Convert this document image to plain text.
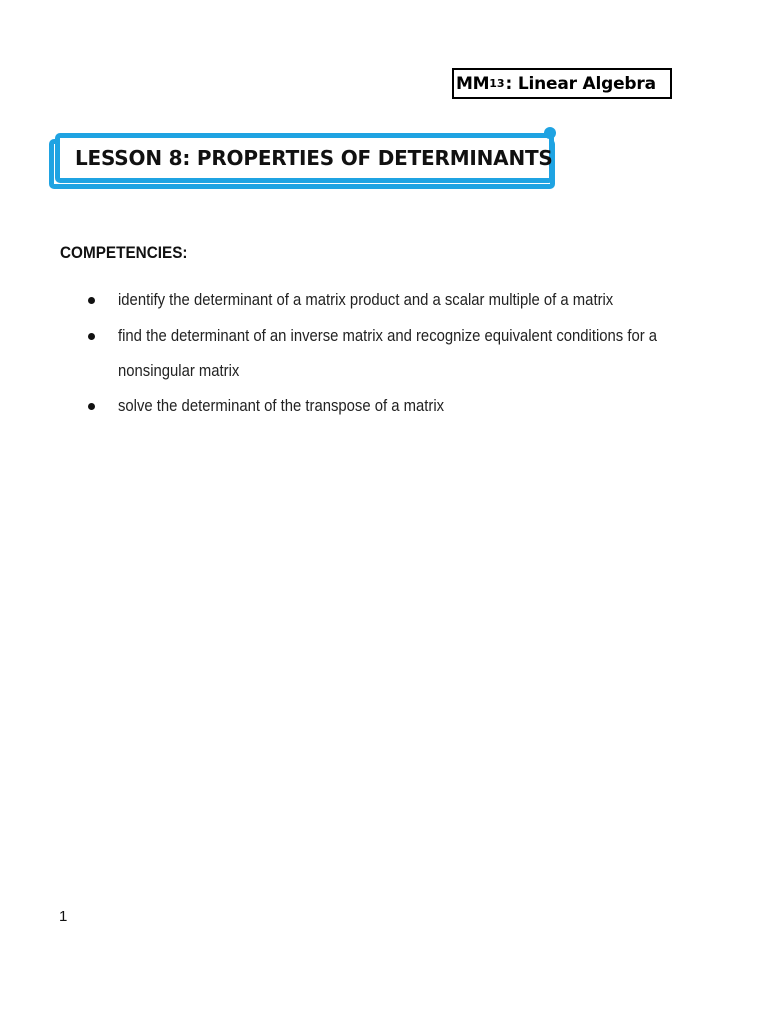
MM 13 : Linear Algebra
LESSON 8: PROPERTIES OF DETERMINANTS
COMPETENCIES:
identify the determinant of a matrix product and a scalar multiple of a matrix
find the determinant of an inverse matrix and recognize equivalent conditions for a nonsingular matrix
solve the determinant of the transpose of a matrix
1
